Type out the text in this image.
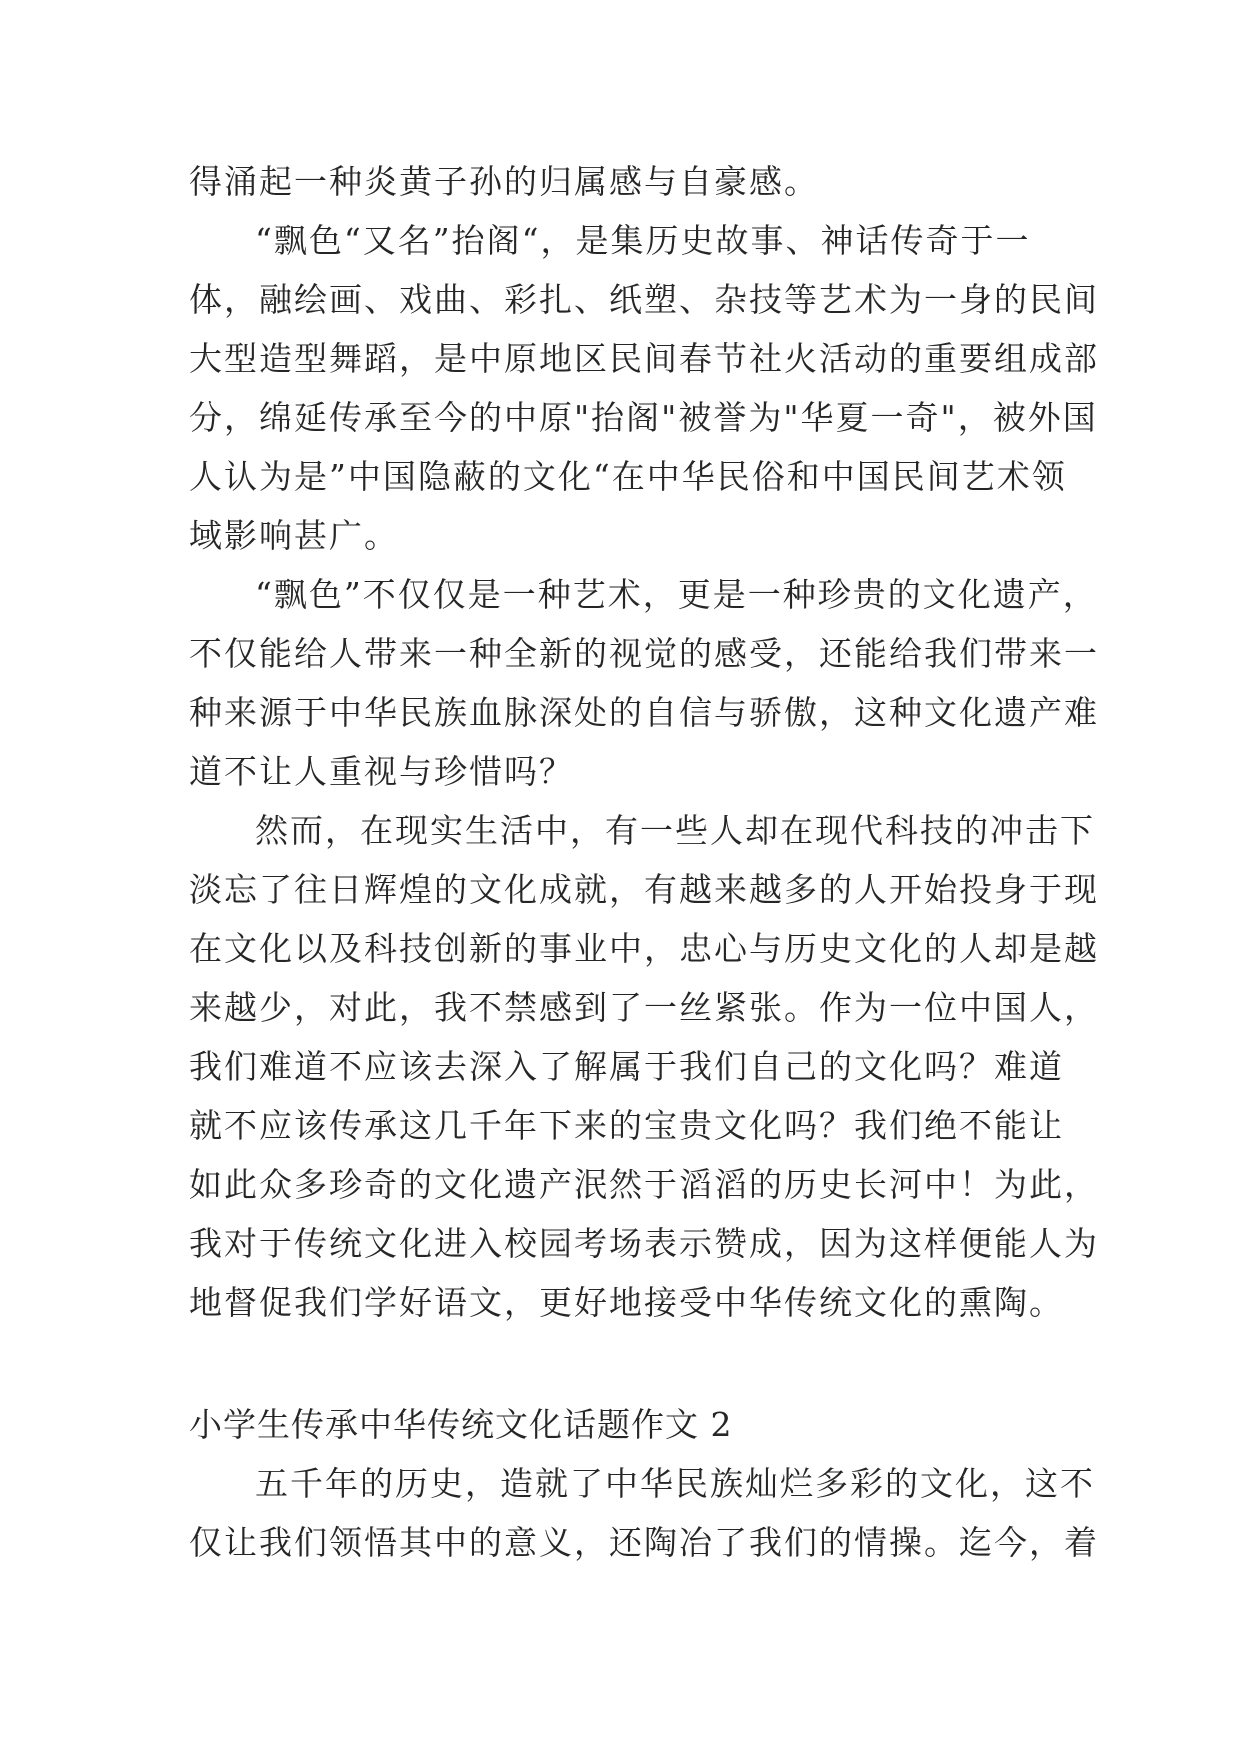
得涌起一种炎黄子孙的归属感与自豪感。
“飘色“又名”抬阁“，是集历史故事、神话传奇于一
体，融绘画、戏曲、彩扎、纸塑、杂技等艺术为一身的民间
大型造型舞蹈，是中原地区民间春节社火活动的重要组成部
分，绵延传承至今的中原"抬阁"被誉为"华夏一奇"，被外国
人认为是”中国隐蔽的文化“在中华民俗和中国民间艺术领
域影响甚广。
“飘色”不仅仅是一种艺术，更是一种珍贵的文化遗产，
不仅能给人带来一种全新的视觉的感受，还能给我们带来一
种来源于中华民族血脉深处的自信与骄傲，这种文化遗产难
道不让人重视与珍惜吗？
然而，在现实生活中，有一些人却在现代科技的冲击下
淡忘了往日辉煌的文化成就，有越来越多的人开始投身于现
在文化以及科技创新的事业中，忠心与历史文化的人却是越
来越少，对此，我不禁感到了一丝紧张。作为一位中国人，
我们难道不应该去深入了解属于我们自己的文化吗？难道
就不应该传承这几千年下来的宝贵文化吗？我们绝不能让
如此众多珍奇的文化遗产泯然于滔滔的历史长河中！为此，
我对于传统文化进入校园考场表示赞成，因为这样便能人为
地督促我们学好语文，更好地接受中华传统文化的熏陶。
小学生传承中华传统文化话题作文 2
五千年的历史，造就了中华民族灿烂多彩的文化，这不
仅让我们领悟其中的意义，还陶冶了我们的情操。迄今，着
